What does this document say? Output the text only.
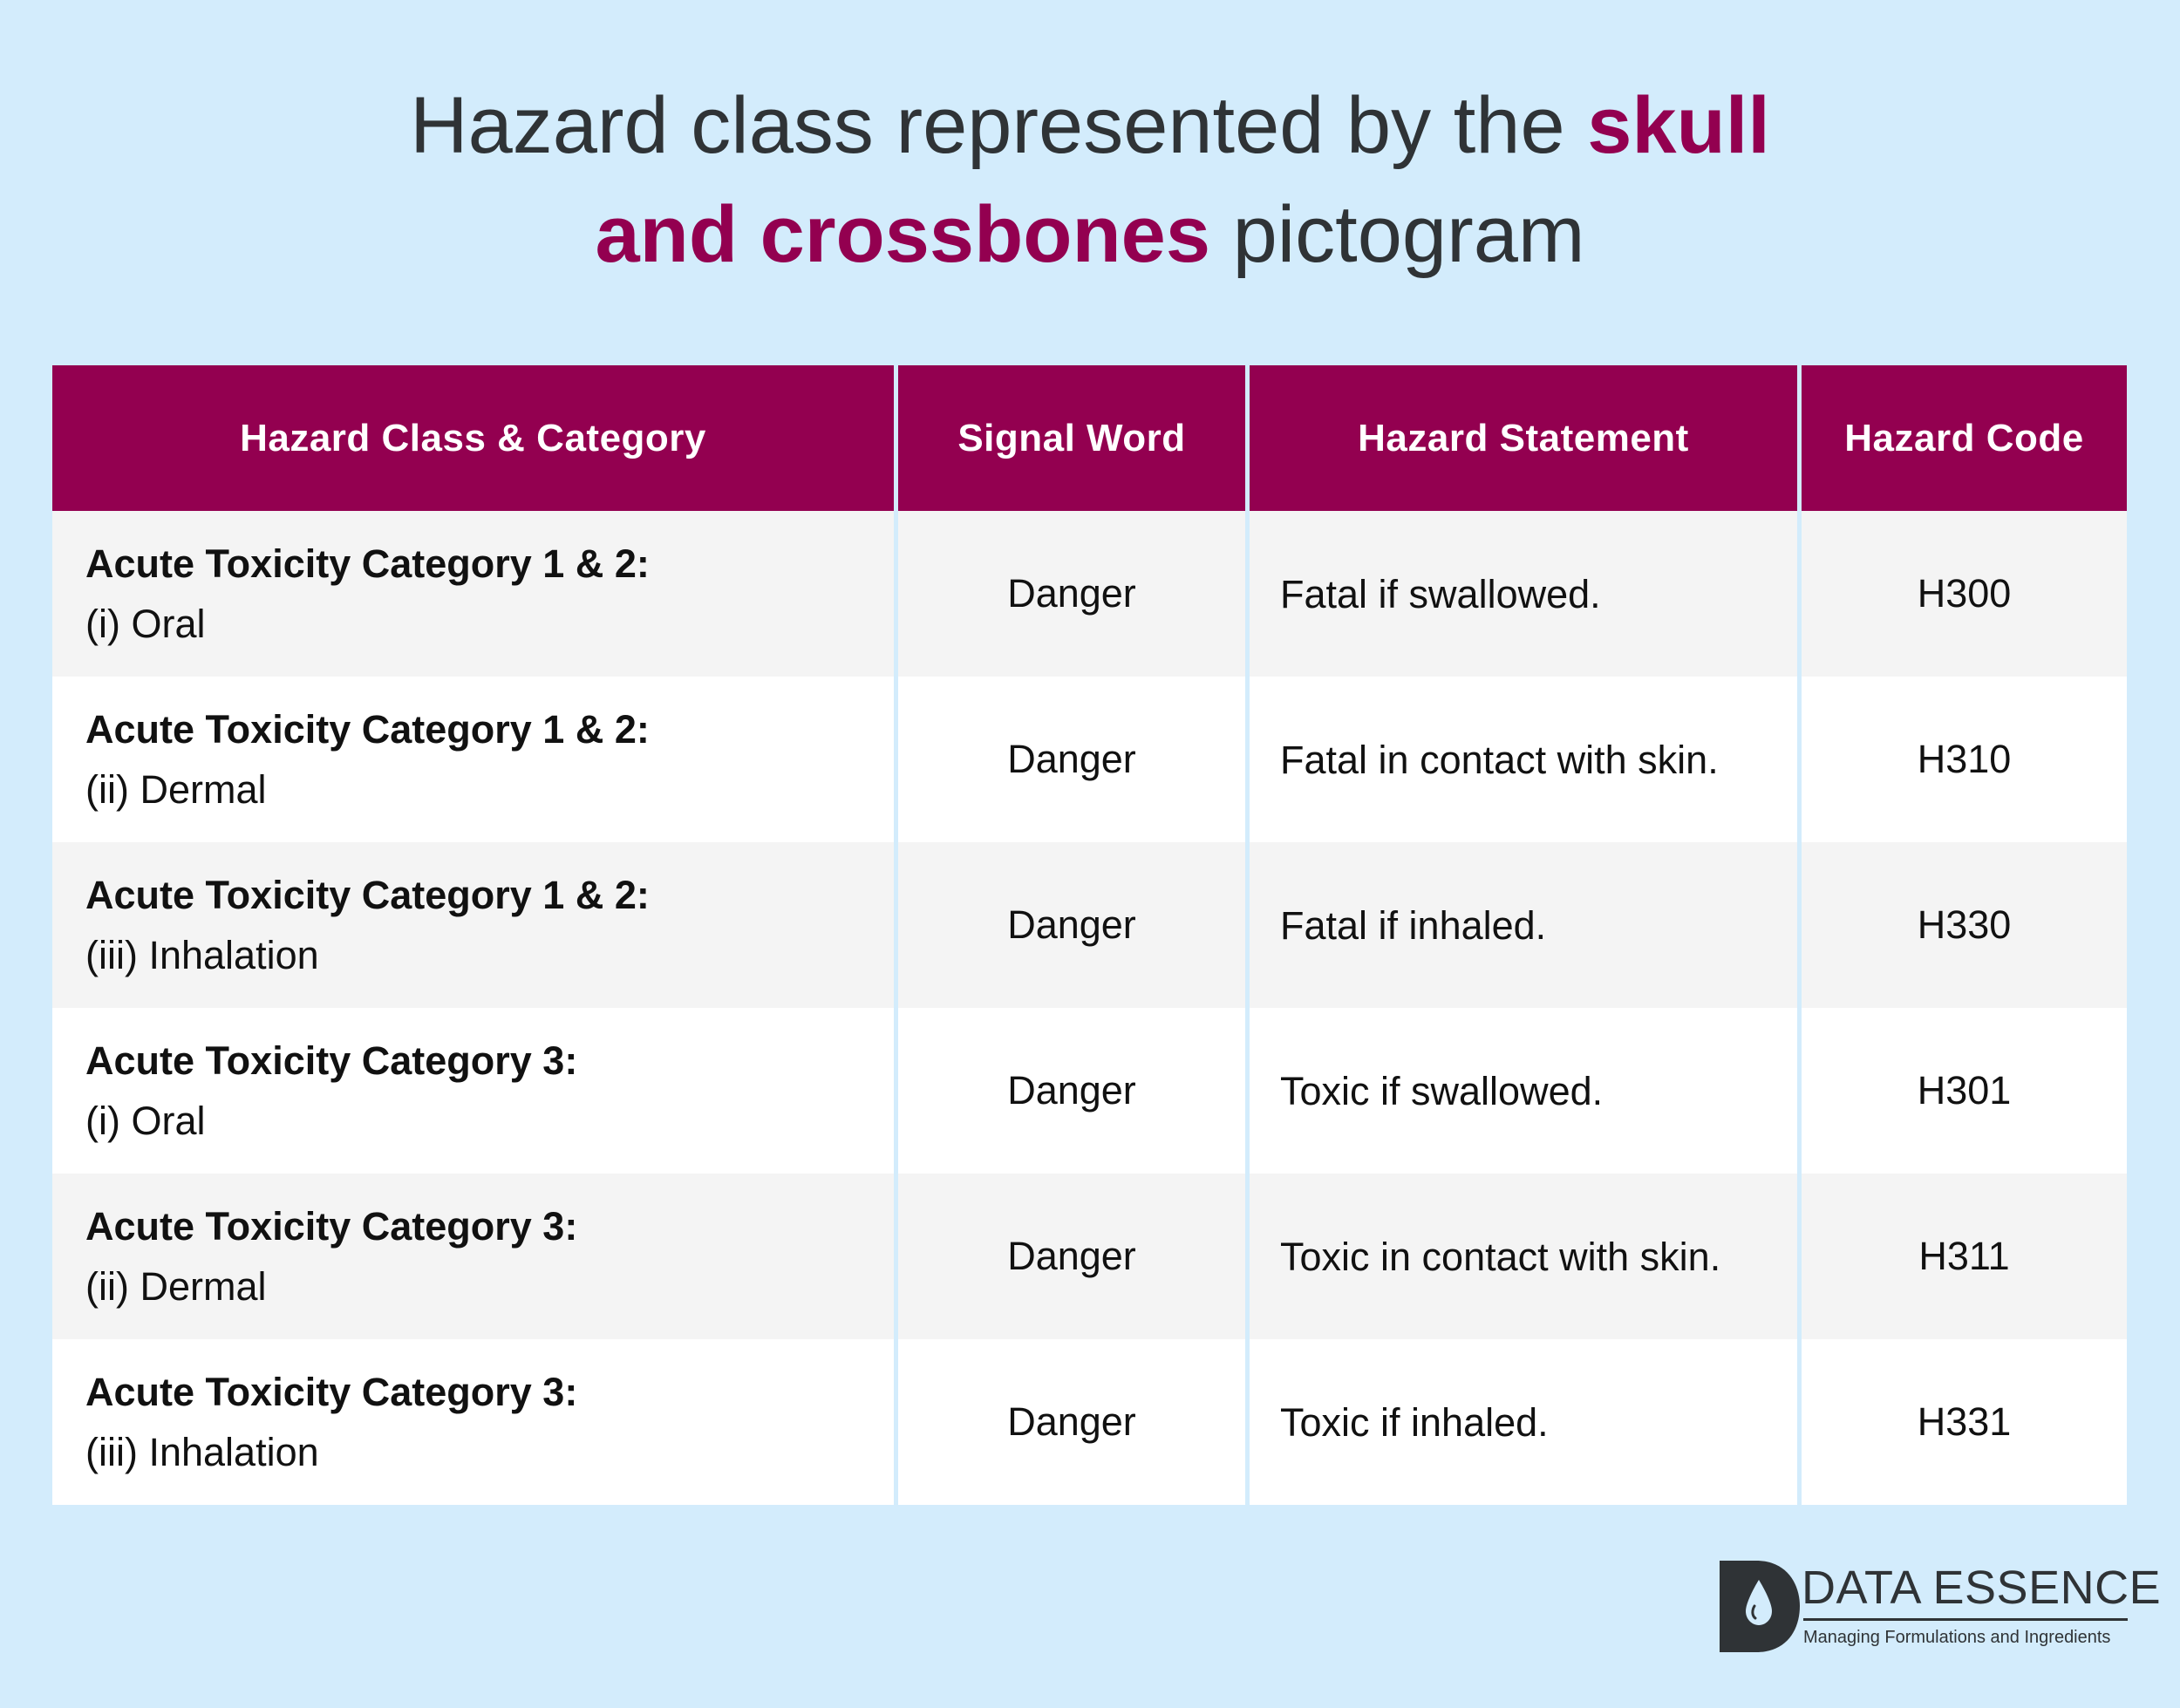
Hazard class represented by the skull
and crossbones pictogram
Hazard Class & Category	Signal Word	Hazard Statement	Hazard Code

Acute Toxicity Category 1 & 2:
(i) Oral	Danger	Fatal if swallowed.	H300

Acute Toxicity Category 1 & 2:
(ii) Dermal	Danger	Fatal in contact with skin.	H310

Acute Toxicity Category 1 & 2:
(iii) Inhalation	Danger	Fatal if inhaled.	H330

Acute Toxicity Category 3:
(i) Oral	Danger	Toxic if swallowed.	H301

Acute Toxicity Category 3:
(ii) Dermal	Danger	Toxic in contact with skin.	H311

Acute Toxicity Category 3:
(iii) Inhalation	Danger	Toxic if inhaled.	H331
DATA ESSENCE
Managing Formulations and Ingredients
